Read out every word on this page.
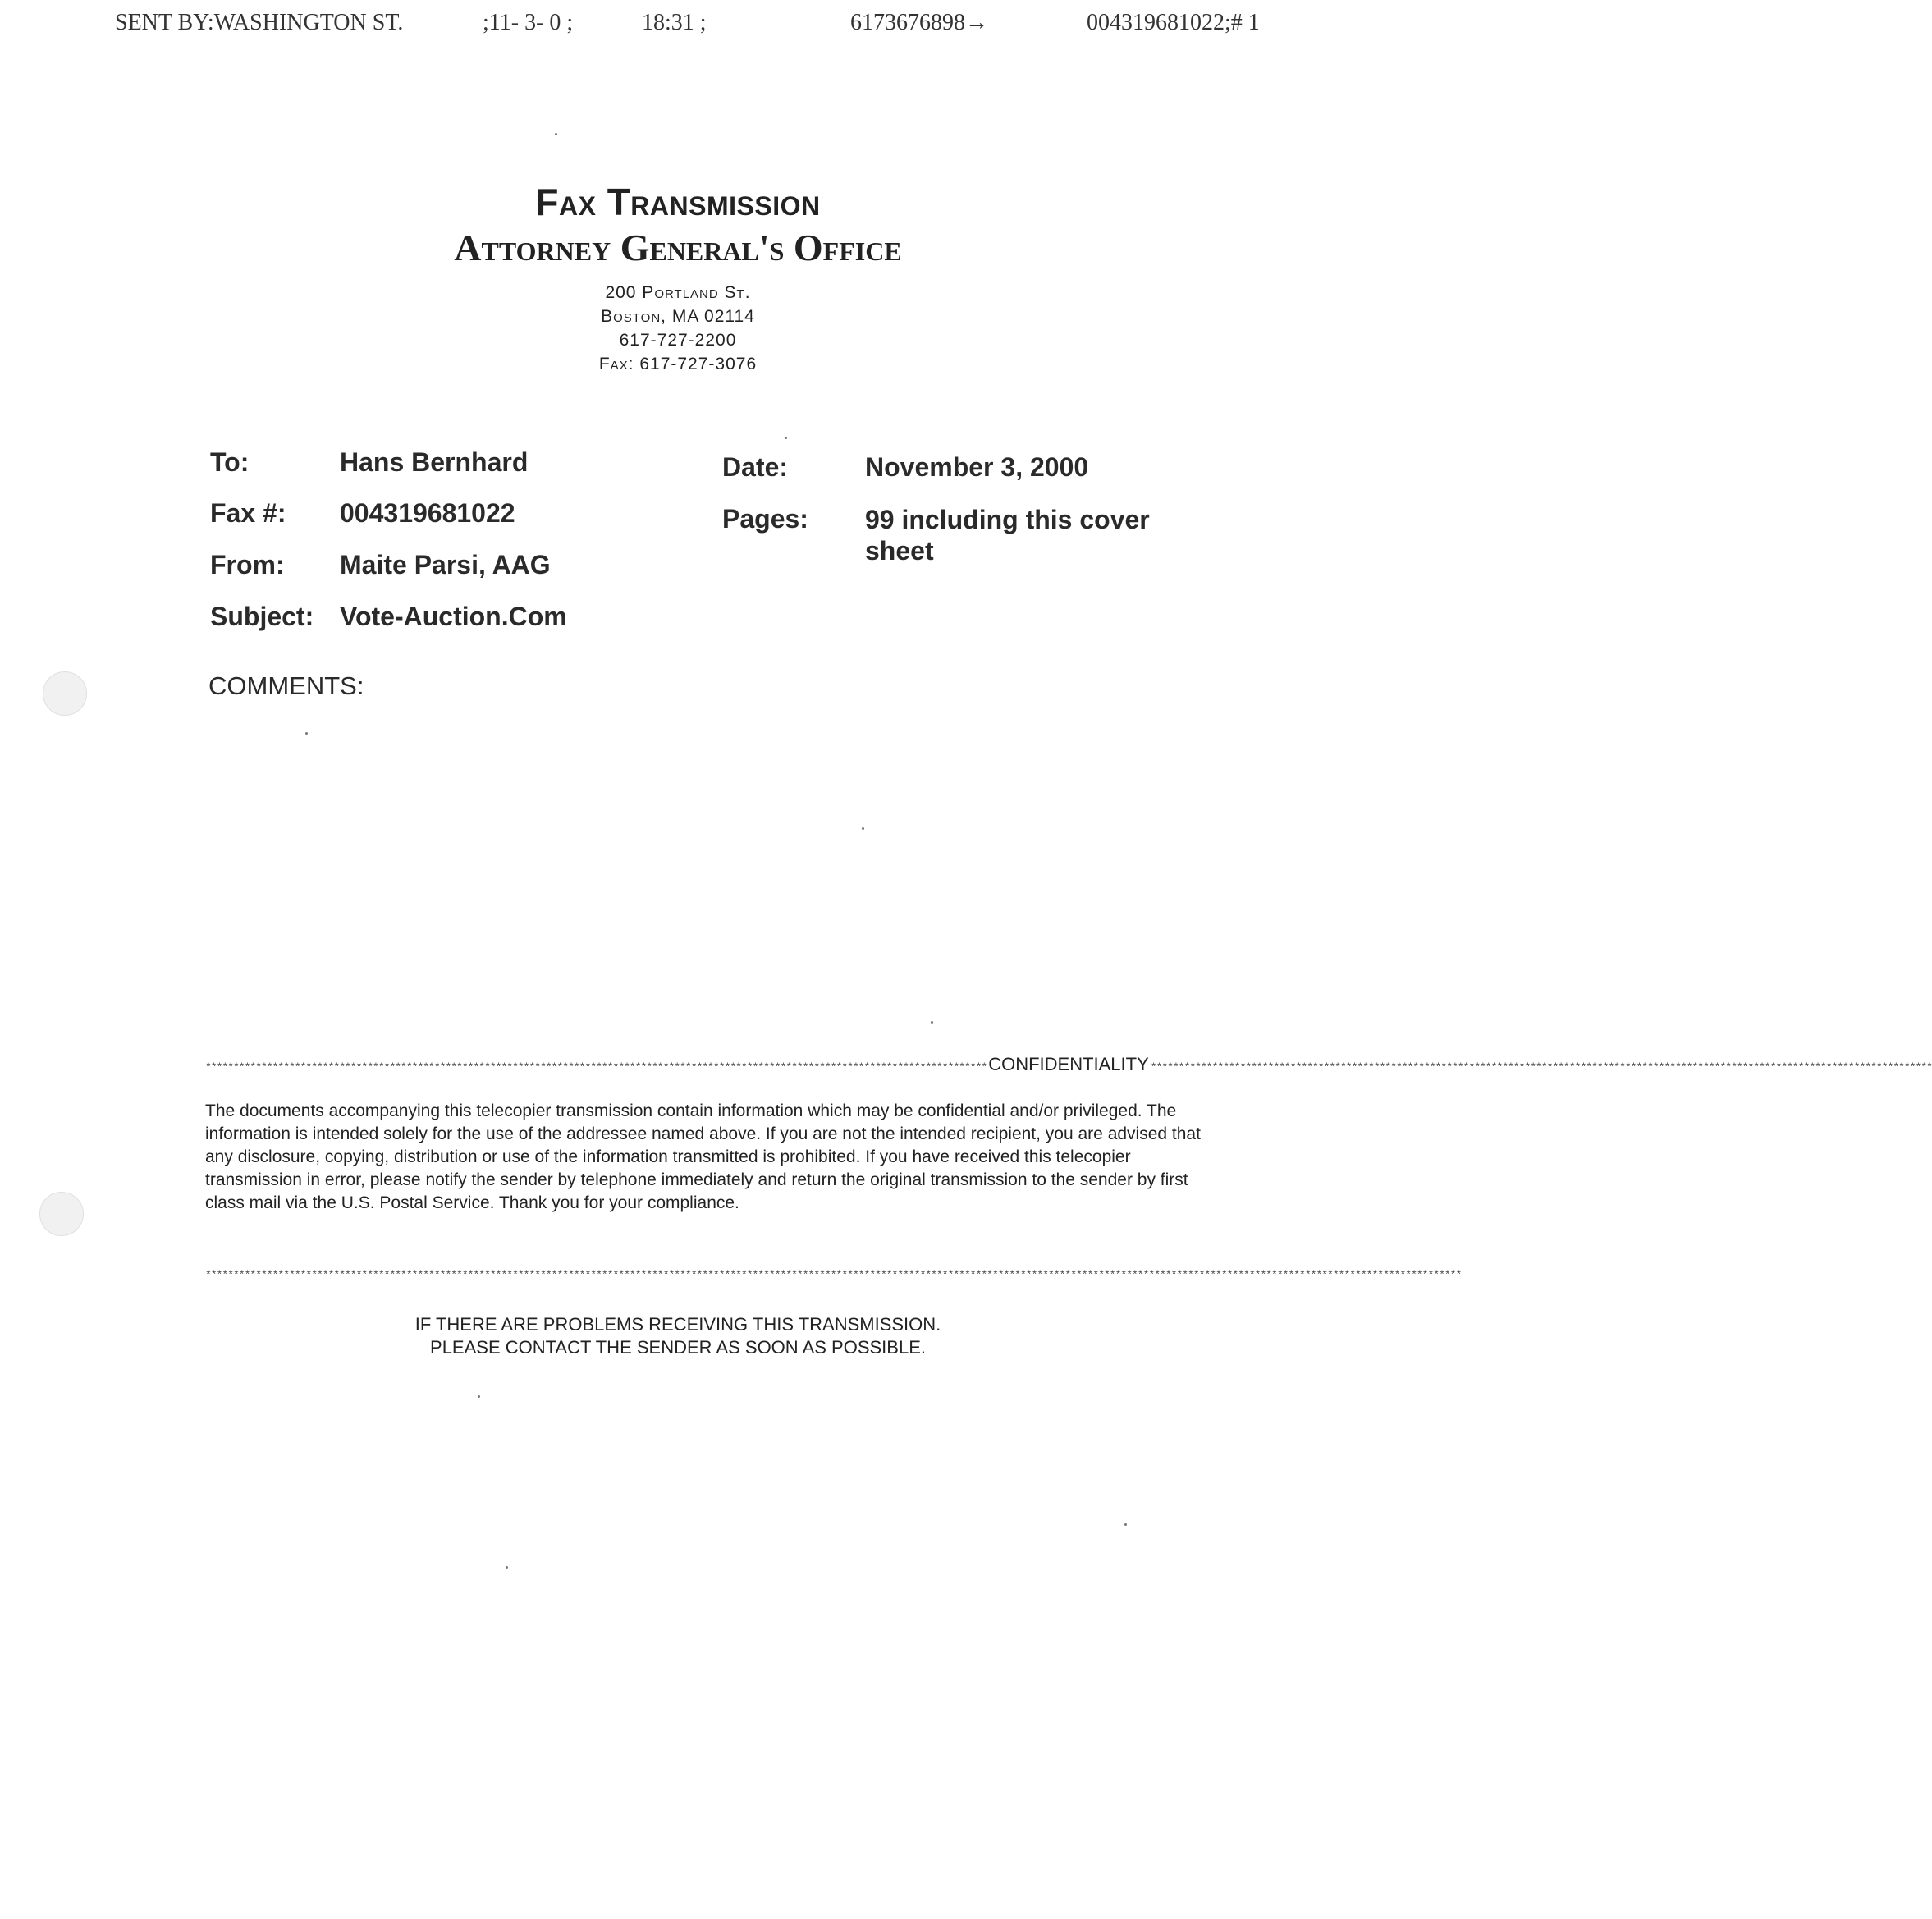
SENT BY:WASHINGTON ST.	;11- 3- 0 ;	18:31 ;	6173676898→	004319681022;# 1
Fax Transmission
Attorney General's Office
200 Portland St.
Boston, MA 02114
617-727-2200
Fax: 617-727-3076
To:	Hans Bernhard
Fax #: 004319681022
From: Maite Parsi, AAG
Subject: Vote-Auction.Com
Date:	November 3, 2000
Pages: 99 including this cover sheet
COMMENTS:
********************************************************************************************************************************************CONFIDENTIALITY ********************************************************************************************************************************************
The documents accompanying this telecopier transmission contain information which may be confidential and/or privileged. The information is intended solely for the use of the addressee named above. If you are not the intended recipient, you are advised that any disclosure, copying, distribution or use of the information transmitted is prohibited. If you have received this telecopier transmission in error, please notify the sender by telephone immediately and return the original transmission to the sender by first class mail via the U.S. Postal Service. Thank you for your compliance.
*********************************************************************************************************************************************************************************************************************************
IF THERE ARE PROBLEMS RECEIVING THIS TRANSMISSION.
PLEASE CONTACT THE SENDER AS SOON AS POSSIBLE.
